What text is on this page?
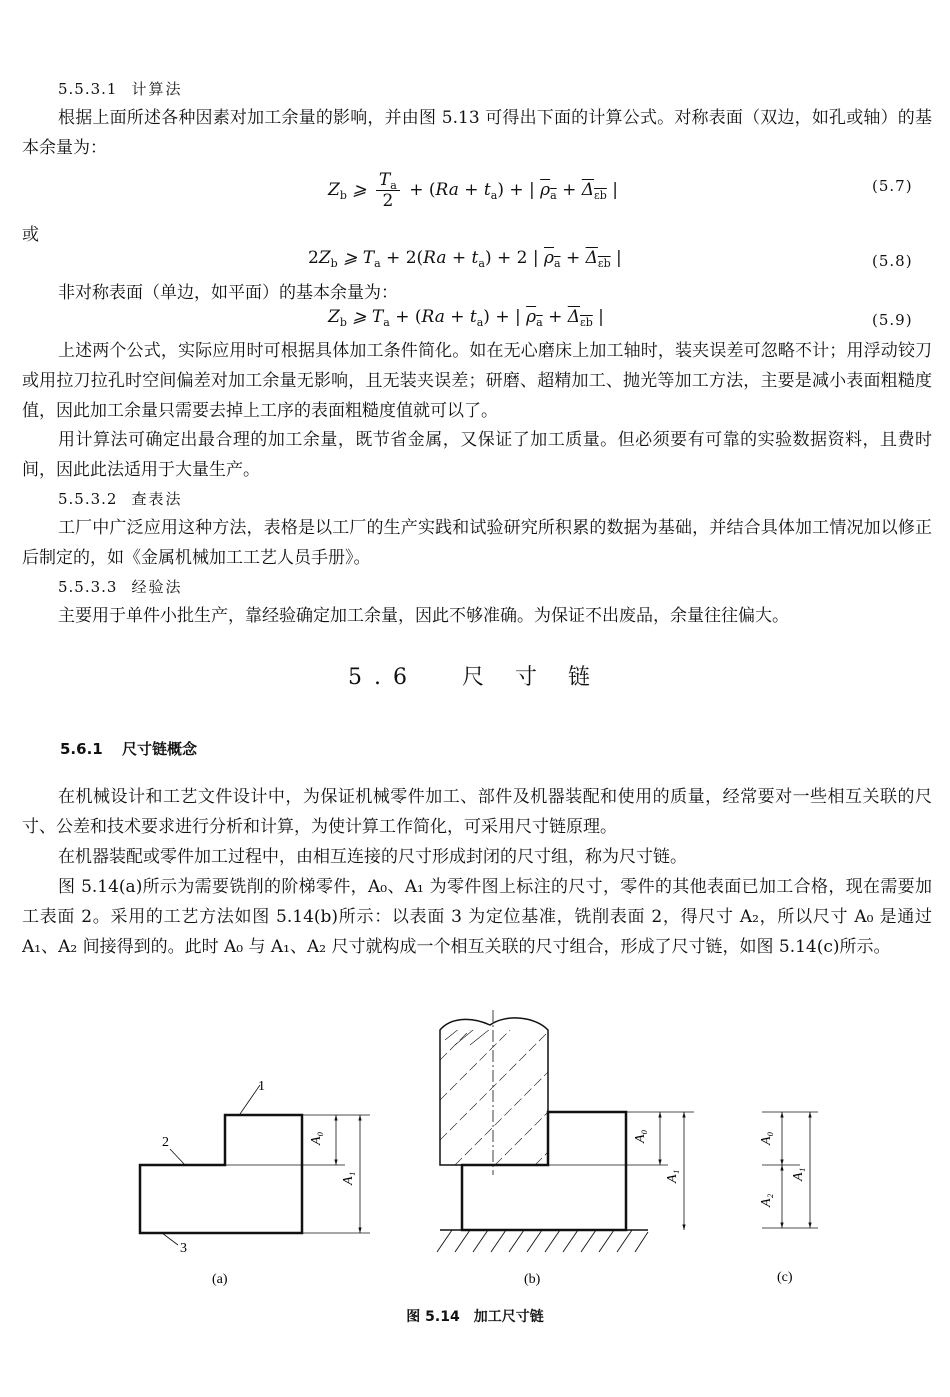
5.5.3.1 计算法
根据上面所述各种因素对加工余量的影响，并由图 5.13 可得出下面的计算公式。对称表面（双边，如孔或轴）的基本余量为：
$Z_b$ ⩾ $\frac{T_a}{2} + (Ra + t_a)$ + | $\rho_a + \Delta_{\varepsilon b}$ |	(5.7)
或
$2Z_b$ ⩾ $T_a + 2(Ra + t_a) + 2$ | $\rho_a + \Delta_{\varepsilon b}$ |	(5.8)
非对称表面（单边，如平面）的基本余量为：
$Z_b$ ⩾ $T_a + (Ra + t_a)$ + | $\rho_a + \Delta_{\varepsilon b}$ |	(5.9)
上述两个公式，实际应用时可根据具体加工条件简化。如在无心磨床上加工轴时，装夹误差可忽略不计；用浮动铰刀或用拉刀拉孔时空间偏差对加工余量无影响，且无装夹误差；研磨、超精加工、抛光等加工方法，主要是减小表面粗糙度值，因此加工余量只需要去掉上工序的表面粗糙度值就可以了。
用计算法可确定出最合理的加工余量，既节省金属，又保证了加工质量。但必须要有可靠的实验数据资料，且费时间，因此此法适用于大量生产。
5.5.3.2 查表法
工厂中广泛应用这种方法，表格是以工厂的生产实践和试验研究所积累的数据为基础，并结合具体加工情况加以修正后制定的，如《金属机械加工工艺人员手册》。
5.5.3.3 经验法
主要用于单件小批生产，靠经验确定加工余量，因此不够准确。为保证不出废品，余量往往偏大。
5.6 尺 寸 链
5.6.1 尺寸链概念
在机械设计和工艺文件设计中，为保证机械零件加工、部件及机器装配和使用的质量，经常要对一些相互关联的尺寸、公差和技术要求进行分析和计算，为使计算工作简化，可采用尺寸链原理。
在机器装配或零件加工过程中，由相互连接的尺寸形成封闭的尺寸组，称为尺寸链。
图 5.14(a)所示为需要铣削的阶梯零件，A₀、A₁ 为零件图上标注的尺寸，零件的其他表面已加工合格，现在需要加工表面 2。采用的工艺方法如图 5.14(b)所示：以表面 3 为定位基准，铣削表面 2，得尺寸 A₂，所以尺寸 A₀ 是通过 A₁、A₂ 间接得到的。此时 A₀ 与 A₁、A₂ 尺寸就构成一个相互关联的尺寸组合，形成了尺寸链，如图 5.14(c)所示。
A₀
A₁
1
2
3
(a)
A₀
A₁
(b)
A₀
A₂
A₁
(c)
图 5.14　加工尺寸链
